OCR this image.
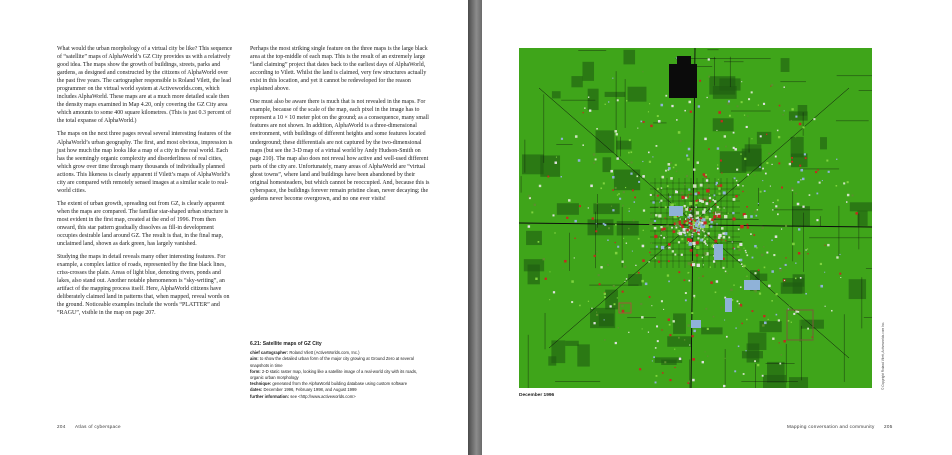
What would the urban morphology of a virtual city be like? This sequence of “satellite” maps of AlphaWorld’s GZ City provides us with a relatively good idea. The maps show the growth of buildings, streets, parks and gardens, as designed and constructed by the citizens of AlphaWorld over the past five years. The cartographer responsible is Roland Vilett, the lead programmer on the virtual world system at Activeworlds.com, which includes AlphaWorld. These maps are at a much more detailed scale then the density maps examined in Map 4.20, only covering the GZ City area which amounts to some 400 square kilometres. (This is just 0.3 percent of the total expanse of AlphaWorld.)

The maps on the next three pages reveal several interesting features of the AlphaWorld’s urban geography. The first, and most obvious, impression is just how much the map looks like a map of a city in the real world. Each has the seemingly organic complexity and disorderliness of real cities, which grow over time through many thousands of individually planned actions. This likeness is clearly apparent if Vilett’s maps of AlphaWorld’s city are compared with remotely sensed images at a similar scale to real-world cities.

The extent of urban growth, spreading out from GZ, is clearly apparent when the maps are compared. The familiar star-shaped urban structure is most evident in the first map, created at the end of 1996. From then onward, this star pattern gradually dissolves as fill-in development occupies desirable land around GZ. The result is that, in the final map, unclaimed land, shown as dark green, has largely vanished.

Studying the maps in detail reveals many other interesting features. For example, a complex lattice of roads, represented by the fine black lines, criss-crosses the plain. Areas of light blue, denoting rivers, ponds and lakes, also stand out. Another notable phenomenon is “sky-writing”, an artifact of the mapping process itself. Here, AlphaWorld citizens have deliberately claimed land in patterns that, when mapped, reveal words on the ground. Noticeable examples include the words “PLATTER” and “RAGU”, visible in the map on page 207.

Perhaps the most striking single feature on the three maps is the large black area at the top-middle of each map. This is the result of an extremely large “land claiming” project that dates back to the earliest days of AlphaWorld, according to Vilett. Whilst the land is claimed, very few structures actually exist in this location, and yet it cannot be redeveloped for the reason explained above.

One must also be aware there is much that is not revealed in the maps. For example, because of the scale of the map, each pixel in the image has to represent a 10 × 10 meter plot on the ground; as a consequence, many small features are not shown. In addition, AlphaWorld is a three-dimensional environment, with buildings of different heights and some features located underground; these differentials are not captured by the two-dimensional maps (but see the 3-D map of a virtual world by Andy Hudson-Smith on page 210). The map also does not reveal how active and well-used different parts of the city are. Unfortunately, many areas of AlphaWorld are “virtual ghost towns”, where land and buildings have been abandoned by their original homesteaders, but which cannot be reoccupied. And, because this is cyberspace, the buildings forever remain pristine clean, never decaying; the gardens never become overgrown, and no one ever visits!

6.21: Satellite maps of GZ City
chief cartographer: Roland Vilett (ActiveWorlds.com, Inc.)
aim: to show the detailed urban form of the major city growing at Ground Zero at several snapshots in time
form: 2-D static raster map, looking like a satellite image of a real-world city with its roads, organic urban morphology
technique: generated from the AlphaWorld building database using custom software
dates: December 1996, February 1998, and August 1999
further information: see <http://www.activeworlds.com>
204 Atlas of cyberspace
© Copyright Roland Vilett, Activeworlds.com Inc.
December 1996
Mapping conversation and community 205
